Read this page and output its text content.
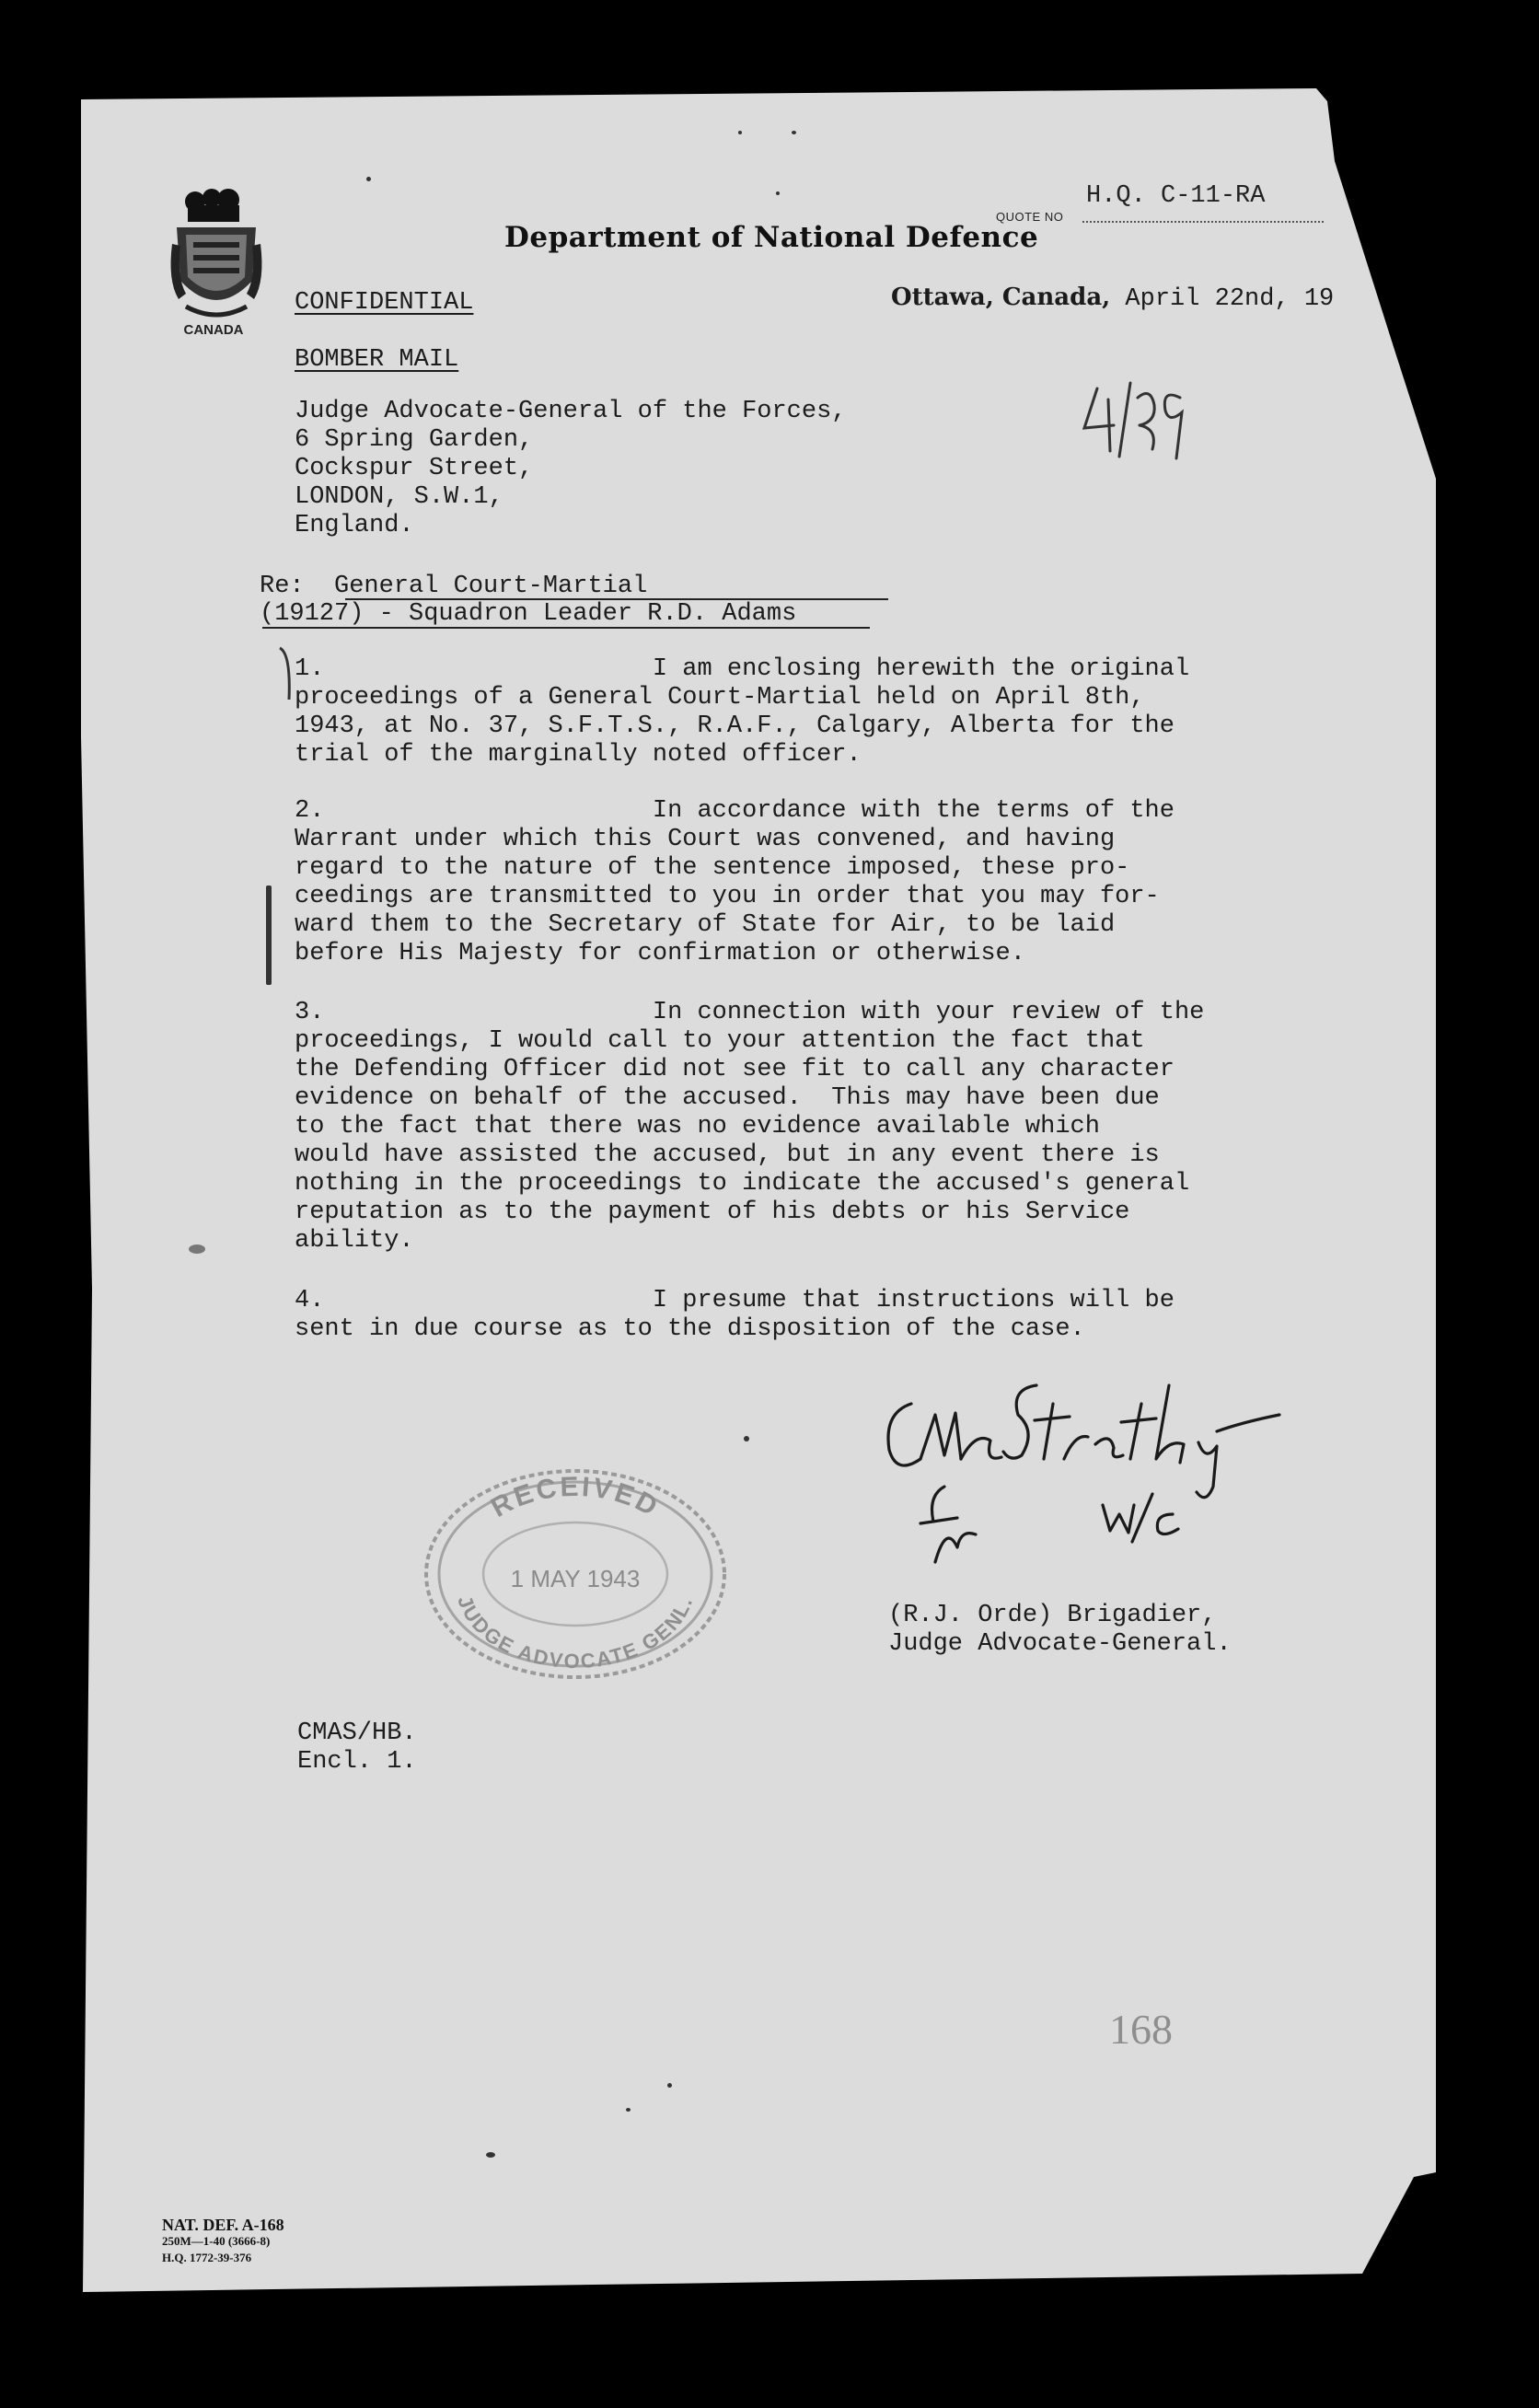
CANADA
Department of National Defence
QUOTE NO
H.Q. C-11-RA
Ottawa, Canada, April 22nd, 19
CONFIDENTIAL
BOMBER MAIL
Judge Advocate-General of the Forces,
6 Spring Garden,
Cockspur Street,
LONDON, S.W.1,
England.
Re:  General Court-Martial
(19127) - Squadron Leader R.D. Adams
1.                      I am enclosing herewith the original
proceedings of a General Court-Martial held on April 8th,
1943, at No. 37, S.F.T.S., R.A.F., Calgary, Alberta for the
trial of the marginally noted officer.
2.                      In accordance with the terms of the
Warrant under which this Court was convened, and having
regard to the nature of the sentence imposed, these pro-
ceedings are transmitted to you in order that you may for-
ward them to the Secretary of State for Air, to be laid
before His Majesty for confirmation or otherwise.
3.                      In connection with your review of the
proceedings, I would call to your attention the fact that
the Defending Officer did not see fit to call any character
evidence on behalf of the accused.  This may have been due
to the fact that there was no evidence available which
would have assisted the accused, but in any event there is
nothing in the proceedings to indicate the accused's general
reputation as to the payment of his debts or his Service
ability.
4.                      I presume that instructions will be
sent in due course as to the disposition of the case.
RECEIVED
1 MAY 1943
JUDGE ADVOCATE GENL.
(R.J. Orde) Brigadier,
Judge Advocate-General.
CMAS/HB.
Encl. 1.
168
NAT. DEF. A-168
250M—1-40 (3666-8)
H.Q. 1772-39-376
